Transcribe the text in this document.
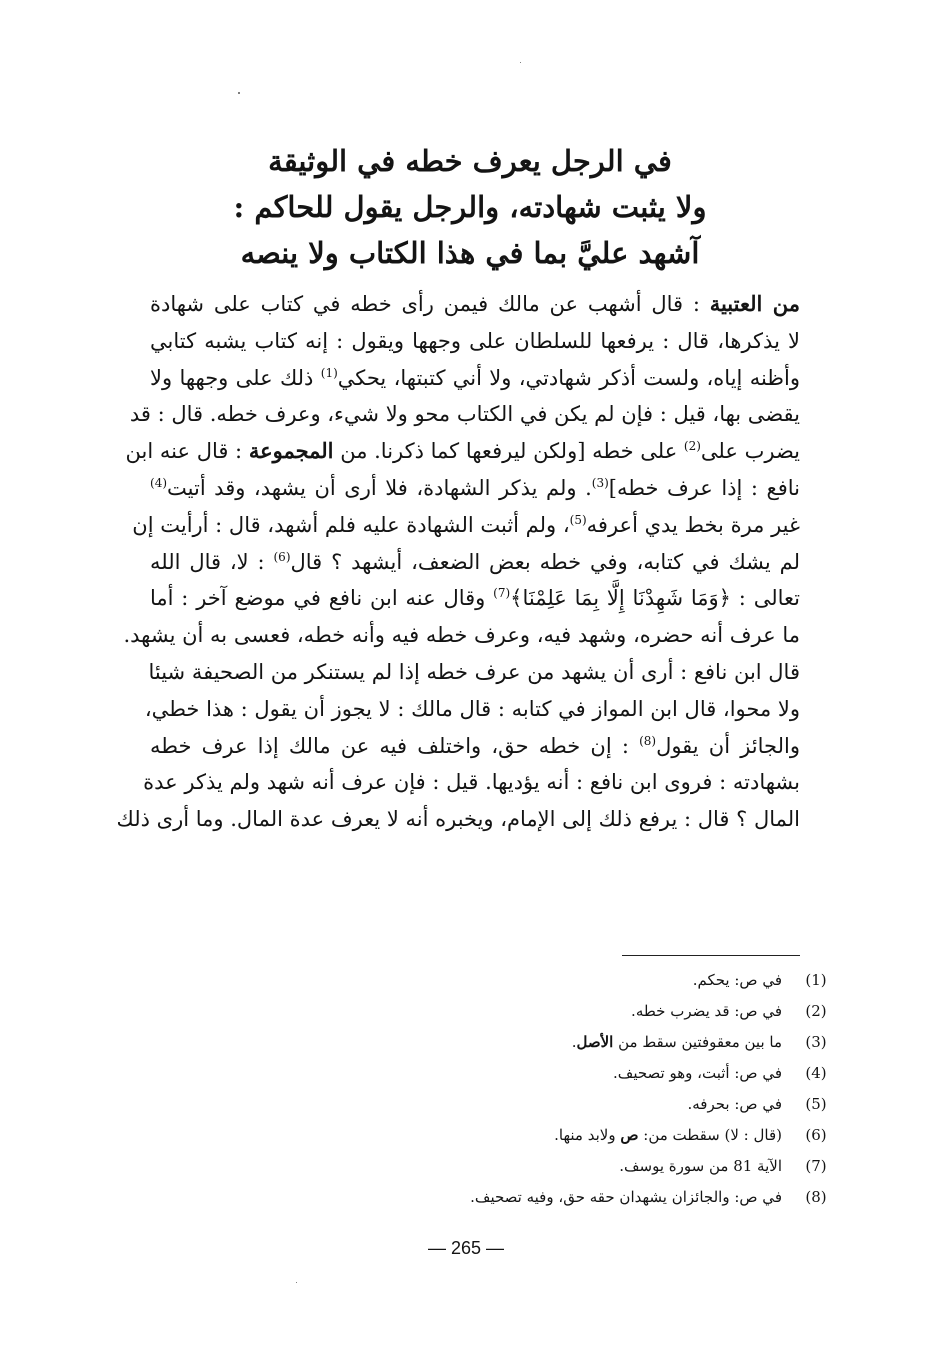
في الرجل يعرف خطه في الوثيقة
ولا يثبت شهادته، والرجل يقول للحاكم :
آشهد عليَّ بما في هذا الكتاب ولا ينصه
من العتبية : قال أشهب عن مالك فيمن رأى خطه في كتاب على شهادة
لا يذكرها، قال : يرفعها للسلطان على وجهها ويقول : إنه كتاب يشبه كتابي
وأظنه إياه، ولست أذكر شهادتي، ولا أني كتبتها، يحكي$^{(1)}$ ذلك على وجهها ولا
يقضى بها، قيل : فإن لم يكن في الكتاب محو ولا شيء، وعرف خطه. قال : قد
يضرب على$^{(2)}$ على خطه [ولكن ليرفعها كما ذكرنا. من المجموعة : قال عنه ابن
نافع : إذا عرف خطه]$^{(3)}$. ولم يذكر الشهادة، فلا أرى أن يشهد، وقد أتيت$^{(4)}$
غير مرة بخط يدي أعرفه$^{(5)}$، ولم أثبت الشهادة عليه فلم أشهد، قال : أرأيت إن
لم يشك في كتابه، وفي خطه بعض الضعف، أيشهد ؟ قال$^{(6)}$ : لا، قال الله
تعالى : ﴿وَمَا شَهِدْنَا إِلَّا بِمَا عَلِمْنَا﴾$^{(7)}$ وقال عنه ابن نافع في موضع آخر : أما
ما عرف أنه حضره، وشهد فيه، وعرف خطه فيه وأنه خطه، فعسى به أن يشهد.
قال ابن نافع : أرى أن يشهد من عرف خطه إذا لم يستنكر من الصحيفة شيئا
ولا محوا، قال ابن المواز في كتابه : قال مالك : لا يجوز أن يقول : هذا خطي،
والجائز أن يقول$^{(8)}$ : إن خطه حق، واختلف فيه عن مالك إذا عرف خطه
بشهادته : فروى ابن نافع : أنه يؤديها. قيل : فإن عرف أنه شهد ولم يذكر عدة
المال ؟ قال : يرفع ذلك إلى الإمام، ويخبره أنه لا يعرف عدة المال. وما أرى ذلك
(1)
في ص: يحكم.
(2)
في ص: قد يضرب خطه.
(3)
ما بين معقوفتين سقط من الأصل.
(4)
في ص: أثبت، وهو تصحيف.
(5)
في ص: بحرفه.
(6)
(قال : لا) سقطت من: ص ولابد منها.
(7)
الآية 81 من سورة يوسف.
(8)
في ص: والجائزان يشهدان حقه حق، وفيه تصحيف.
— 265 —
